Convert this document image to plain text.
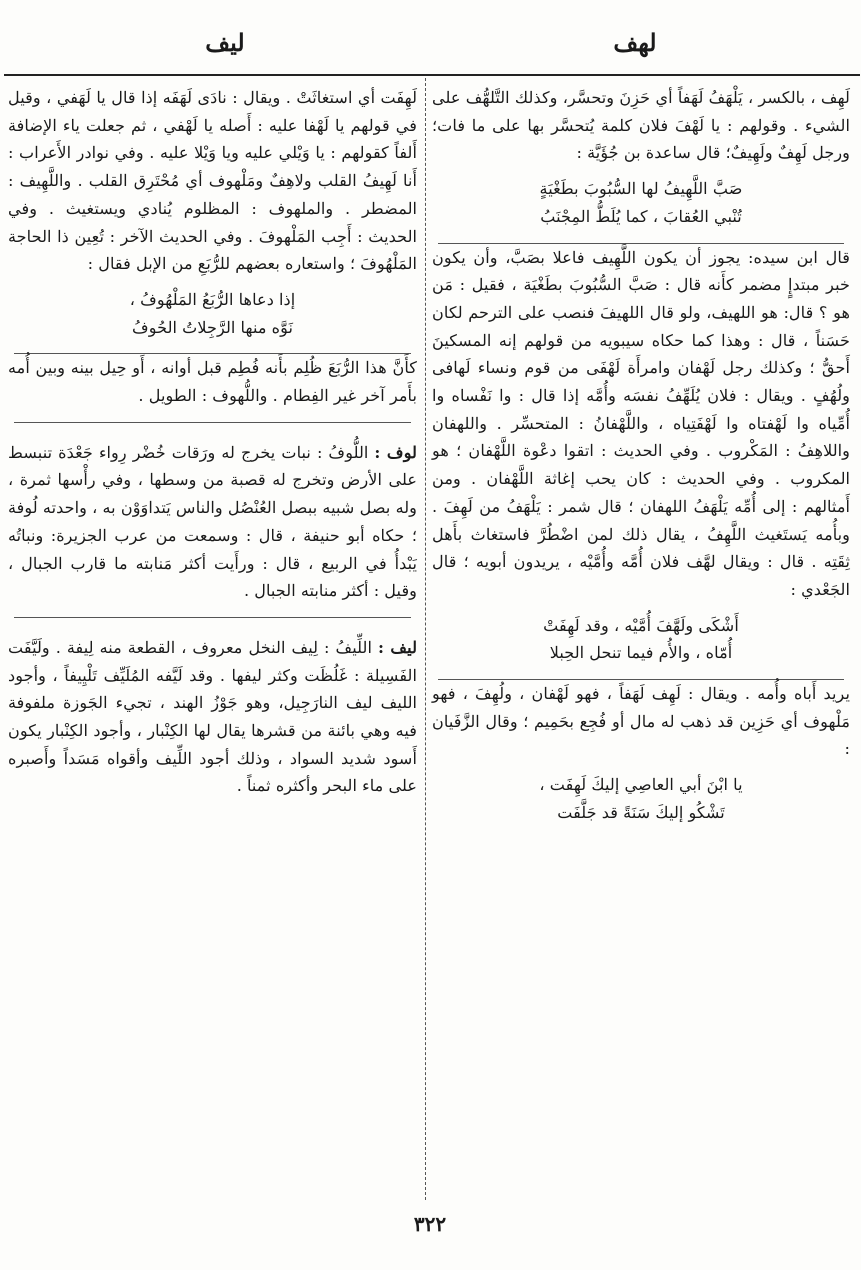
لهف
ليف

لَهِف ، بالكسر ، يَلْهَفُ لَهَفاً أي حَزِنَ وتحسَّر، وكذلك التَّلهُّف على الشيء . وقولهم : يا لَهْفَ فلان كلمة يُتحسَّر بها على ما فات؛ ورجل لَهِفٌ ولَهِيفٌ؛ قال ساعدة بن جُؤَيَّة :

صَبَّ اللَّهِيفُ لها السُّبُوبَ بطَغْيَةٍ
تُنْبي العُقابَ ، كما يُلَطُّ المِجْنَبُ

قال ابن سيده: يجوز أن يكون اللَّهِيف فاعلا بصَبَّ، وأن يكون خبر مبتدإٍ مضمر كأَنه قال : صَبَّ السُّبُوبَ بطَغْيَة ، فقيل : مَن هو ؟ قال: هو اللهيف، ولو قال اللهيفَ فنصب على الترحم لكان حَسَناً ، قال : وهذا كما حكاه سيبويه من قولهم إنه المسكينَ أَحقُّ ؛ وكذلك رجل لَهْفان وامرأَة لَهْفَى من قوم ونساء لَهافى ولُهُفٍ . ويقال : فلان يُلَهِّفُ نفسَه وأُمَّه إذا قال : وا نَفْساه وا أُمِّياه وا لَهْفتاه وا لَهْفَتِياه ، واللَّهْفانُ : المتحسِّر . واللهفان واللاهِفُ : المَكْروب . وفي الحديث : اتقوا دعْوة اللَّهْفان ؛ هو المكروب . وفي الحديث : كان يحب إغاثة اللَّهْفان . ومن أَمثالهم : إلى أُمِّه يَلْهَفُ اللهفان ؛ قال شمر : يَلْهَفُ من لَهِفَ . وبأُمه يَستَغيث اللَّهِفُ ، يقال ذلك لمن اضْطُرَّ فاستغاث بأَهل ثِقَتِه . قال : ويقال لهَّف فلان أُمَّه وأُمَّيْه ، يريدون أبويه ؛ قال الجَعْدي :

أَشْكَى ولَهَّفَ أُمَّيْه ، وقد لَهِفَتْ
أُمّاه ، والأُم فيما تنحل الحِبلا

يريد أَباه وأُمه . ويقال : لَهِف لَهَفاً ، فهو لَهْفان ، ولُهِفَ ، فهو مَلْهوف أي حَزِين قد ذهب له مال أو فُجِع بحَمِيم ؛ وقال الزَّفَيان :

يا ابْنَ أبي العاصِي إليكَ لَهِفَت ،
تَشْكُو إليكَ سَنَةً قد جَلَّفَت

لَهِفَت أي استغاثَتْ . ويقال : نادَى لَهَفَه إذا قال يا لَهَفي ، وقيل في قولهم يا لَهْفا عليه : أَصله يا لَهْفي ، ثم جعلت ياء الإضافة أَلفاً كقولهم : يا وَيْلي عليه ويا وَيْلا عليه . وفي نوادر الأَعراب : أَنا لَهِيفُ القلب ولاهِفٌ ومَلْهوف أي مُحْتَرِق القلب . واللَّهِيف : المضطر . والملهوف : المظلوم يُنادي ويستغيث . وفي الحديث : أَجِب المَلْهوفَ . وفي الحديث الآخر : تُعِين ذا الحاجة المَلْهُوفَ ؛ واستعاره بعضهم للرُّبَعِ من الإبل فقال :

إذا دعاها الرُّبَعُ المَلْهُوفُ ،
نَوَّه منها الرَّجِلاتُ الحُوفُ

كأَنَّ هذا الرُّبَعَ ظُلِم بأَنه فُطِم قبل أوانه ، أَو حِيل بينه وبين أُمه بأَمر آخر غير الفِطام . واللُّهوف : الطويل .

لوف : اللُّوفُ : نبات يخرج له ورَقات خُضْر رِواء جَعْدَة تنبسط على الأرض وتخرج له قصبة من وسطها ، وفي رأْسها ثمرة ، وله بصل شبيه ببصل العُنْصُل والناس يَتداوَوْن به ، واحدته لُوفة ؛ حكاه أبو حنيفة ، قال : وسمعت من عرب الجزيرة: ونباتُه يَبْدأُ في الربيع ، قال : ورأَيت أكثر مَنابته ما قارب الجبال ، وقيل : أكثر منابته الجبال .

ليف : اللِّيفُ : لِيف النخل معروف ، القطعة منه لِيفة . ولَيَّفَت الفَسِيلة : غَلُظَت وكثر ليفها . وقد لَيَّفه المُلَيِّف تَلْيِيفاً ، وأجود الليف ليف النارَجِيل، وهو جَوْزُ الهند ، تجيء الجَوزة ملفوفة فيه وهي بائنة من قشرها يقال لها الكِنْبار ، وأجود الكِنْبار يكون أَسود شديد السواد ، وذلك أجود اللِّيف وأقواه مَسَداً وأَصبره على ماء البحر وأكثره ثمناً .

٣٢٢
